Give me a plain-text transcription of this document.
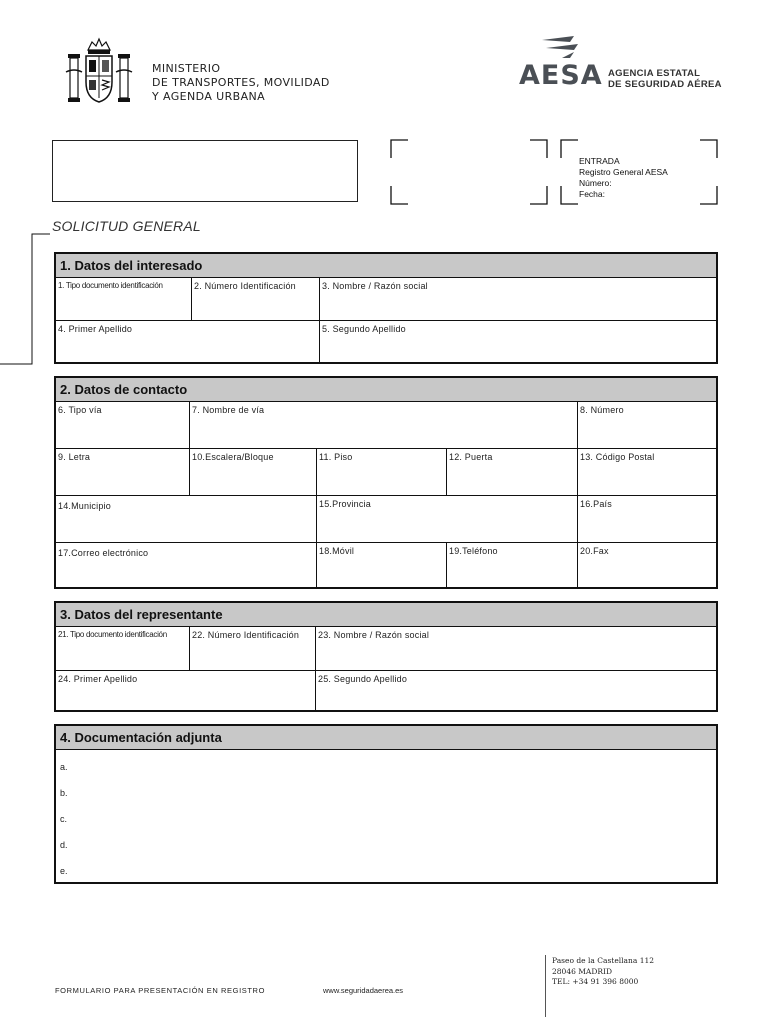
MINISTERIO
DE TRANSPORTES, MOVILIDAD
Y AGENDA URBANA
AESA AGENCIA ESTATAL
DE SEGURIDAD AÉREA
ENTRADA
Registro General AESA
Número:
Fecha:
SOLICITUD GENERAL
1. Datos del interesado
1. Tipo documento identificación	2. Número Identificación	3. Nombre / Razón social
4. Primer Apellido	5. Segundo Apellido
2. Datos de contacto
6. Tipo vía	7. Nombre de vía	8. Número
9. Letra	10.Escalera/Bloque	11. Piso	12. Puerta	13. Código Postal
14.Municipio	15.Provincia	16.País
17.Correo electrónico	18.Móvil	19.Teléfono	20.Fax
3. Datos del representante
21. Tipo documento identificación	22. Número Identificación 23. Nombre / Razón social
24. Primer Apellido	25. Segundo Apellido
4. Documentación adjunta
a.
b.
c.
d.
e.
FORMULARIO PARA PRESENTACIÓN EN REGISTRO	www.seguridadaerea.es
Paseo de la Castellana 112
28046 MADRID
TEL: +34 91 396 8000
